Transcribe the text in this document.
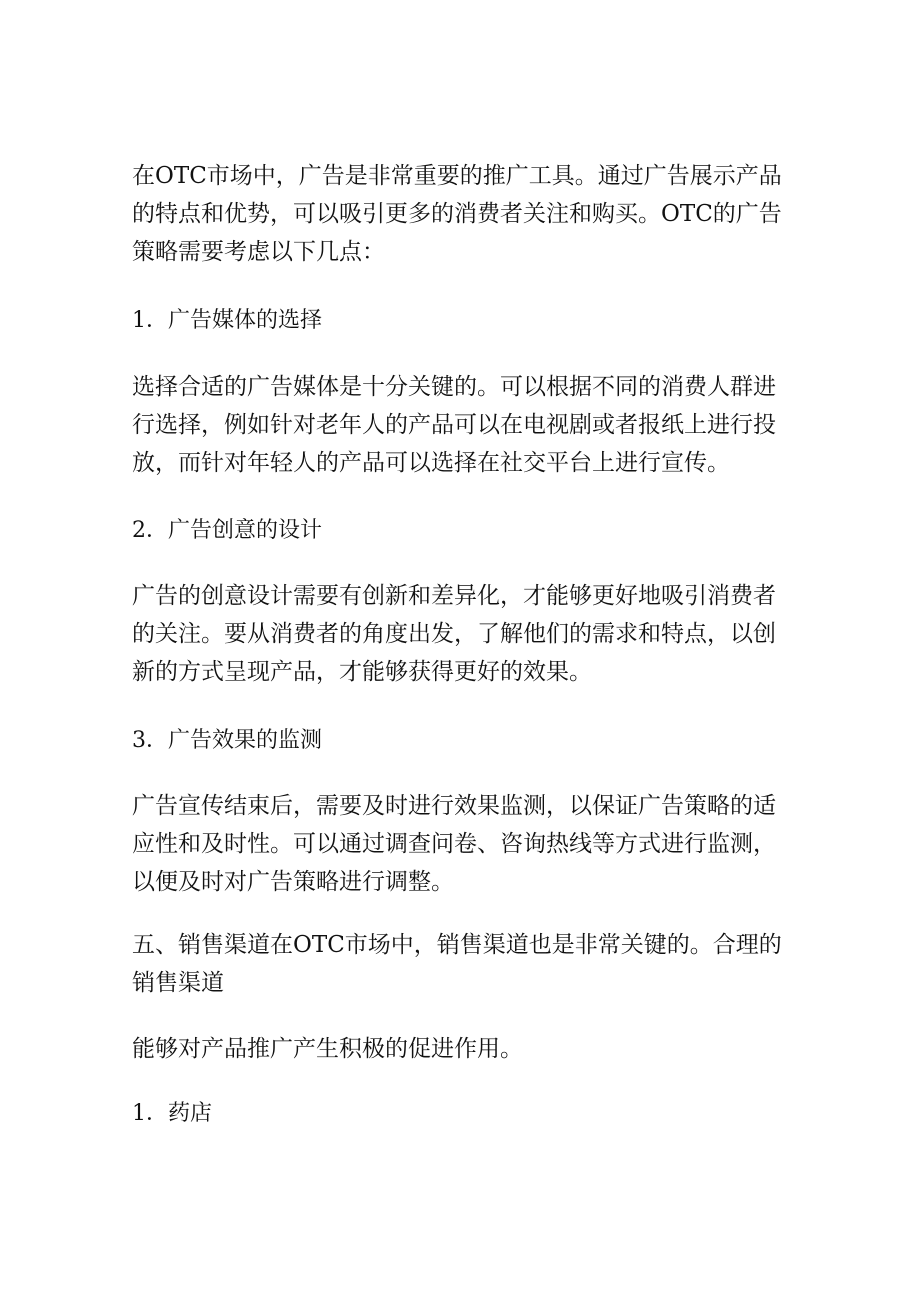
在OTC市场中，广告是非常重要的推广工具。通过广告展示产品的特点和优势，可以吸引更多的消费者关注和购买。OTC的广告策略需要考虑以下几点：

1．广告媒体的选择

选择合适的广告媒体是十分关键的。可以根据不同的消费人群进行选择，例如针对老年人的产品可以在电视剧或者报纸上进行投放，而针对年轻人的产品可以选择在社交平台上进行宣传。

2．广告创意的设计

广告的创意设计需要有创新和差异化，才能够更好地吸引消费者的关注。要从消费者的角度出发，了解他们的需求和特点，以创新的方式呈现产品，才能够获得更好的效果。

3．广告效果的监测

广告宣传结束后，需要及时进行效果监测，以保证广告策略的适应性和及时性。可以通过调查问卷、咨询热线等方式进行监测，以便及时对广告策略进行调整。

五、销售渠道在OTC市场中，销售渠道也是非常关键的。合理的销售渠道

能够对产品推广产生积极的促进作用。

1．药店
